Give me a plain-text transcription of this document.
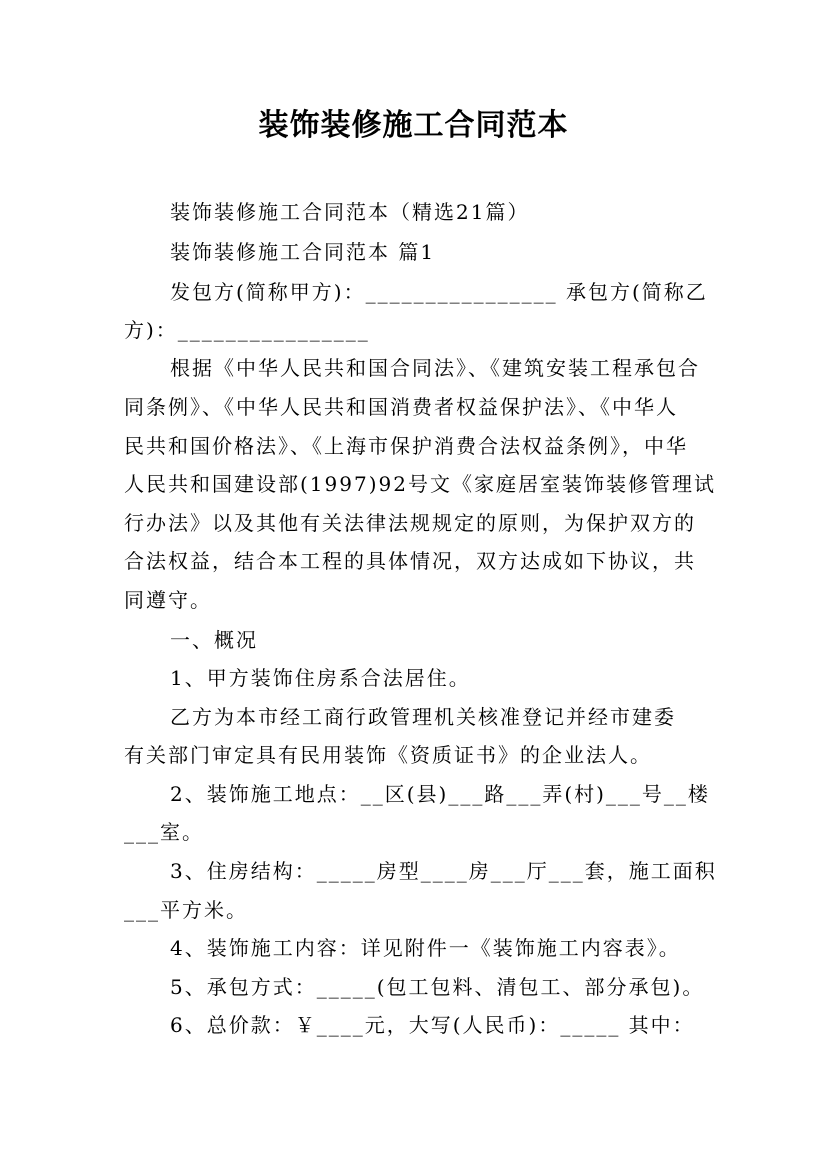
装饰装修施工合同范本
装饰装修施工合同范本（精选21篇）
装饰装修施工合同范本 篇1
发包方(简称甲方)：________________ 承包方(简称乙
方)：________________
根据《中华人民共和国合同法》、《建筑安装工程承包合
同条例》、《中华人民共和国消费者权益保护法》、《中华人
民共和国价格法》、《上海市保护消费合法权益条例》，中华
人民共和国建设部(1997)92号文《家庭居室装饰装修管理试
行办法》以及其他有关法律法规规定的原则，为保护双方的
合法权益，结合本工程的具体情况，双方达成如下协议，共
同遵守。
一、概况
1、甲方装饰住房系合法居住。
乙方为本市经工商行政管理机关核准登记并经市建委
有关部门审定具有民用装饰《资质证书》的企业法人。
2、装饰施工地点：__区(县)___路___弄(村)___号__楼
___室。
3、住房结构：_____房型____房___厅___套，施工面积
___平方米。
4、装饰施工内容：详见附件一《装饰施工内容表》。
5、承包方式：_____(包工包料、清包工、部分承包)。
6、总价款：￥____元，大写(人民币)：_____ 其中：
